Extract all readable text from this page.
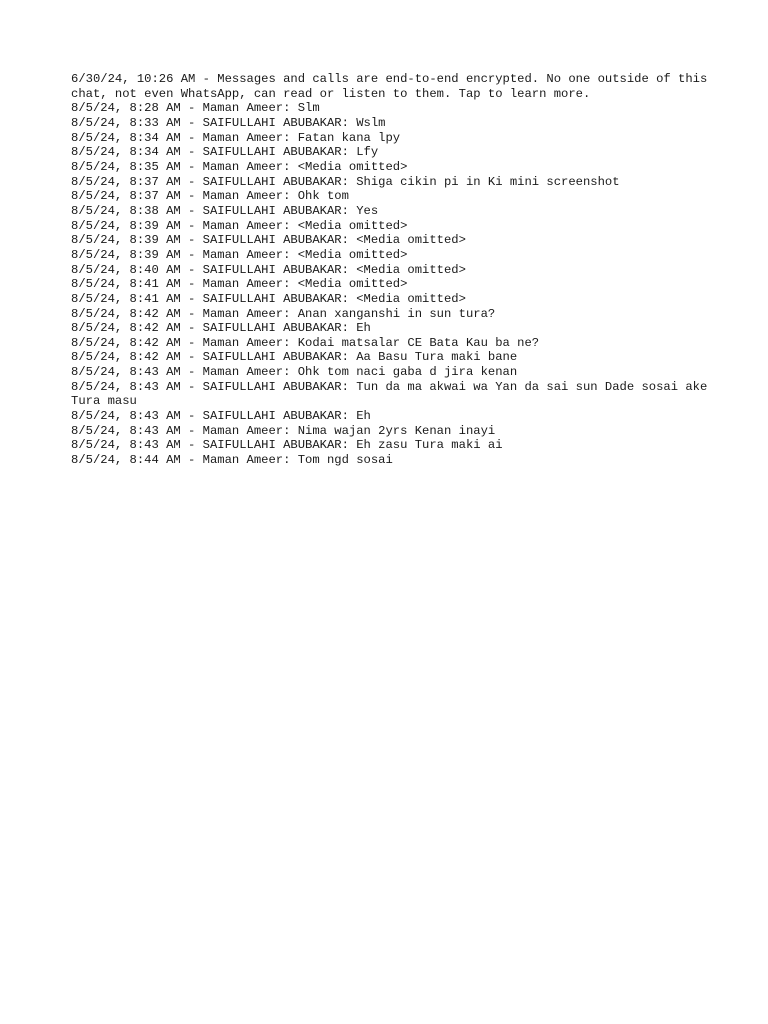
6/30/24, 10:26 AM - Messages and calls are end-to-end encrypted. No one outside of this chat, not even WhatsApp, can read or listen to them. Tap to learn more.
8/5/24, 8:28 AM - Maman Ameer: Slm
8/5/24, 8:33 AM - SAIFULLAHI ABUBAKAR: Wslm
8/5/24, 8:34 AM - Maman Ameer: Fatan kana lpy
8/5/24, 8:34 AM - SAIFULLAHI ABUBAKAR: Lfy
8/5/24, 8:35 AM - Maman Ameer: <Media omitted>
8/5/24, 8:37 AM - SAIFULLAHI ABUBAKAR: Shiga cikin pi in Ki mini screenshot
8/5/24, 8:37 AM - Maman Ameer: Ohk tom
8/5/24, 8:38 AM - SAIFULLAHI ABUBAKAR: Yes
8/5/24, 8:39 AM - Maman Ameer: <Media omitted>
8/5/24, 8:39 AM - SAIFULLAHI ABUBAKAR: <Media omitted>
8/5/24, 8:39 AM - Maman Ameer: <Media omitted>
8/5/24, 8:40 AM - SAIFULLAHI ABUBAKAR: <Media omitted>
8/5/24, 8:41 AM - Maman Ameer: <Media omitted>
8/5/24, 8:41 AM - SAIFULLAHI ABUBAKAR: <Media omitted>
8/5/24, 8:42 AM - Maman Ameer: Anan xanganshi in sun tura?
8/5/24, 8:42 AM - SAIFULLAHI ABUBAKAR: Eh
8/5/24, 8:42 AM - Maman Ameer: Kodai matsalar CE Bata Kau ba ne?
8/5/24, 8:42 AM - SAIFULLAHI ABUBAKAR: Aa Basu Tura maki bane
8/5/24, 8:43 AM - Maman Ameer: Ohk tom naci gaba d jira kenan
8/5/24, 8:43 AM - SAIFULLAHI ABUBAKAR: Tun da ma akwai wa Yan da sai sun Dade sosai ake Tura masu
8/5/24, 8:43 AM - SAIFULLAHI ABUBAKAR: Eh
8/5/24, 8:43 AM - Maman Ameer: Nima wajan 2yrs Kenan inayi
8/5/24, 8:43 AM - SAIFULLAHI ABUBAKAR: Eh zasu Tura maki ai
8/5/24, 8:44 AM - Maman Ameer: Tom ngd sosai
